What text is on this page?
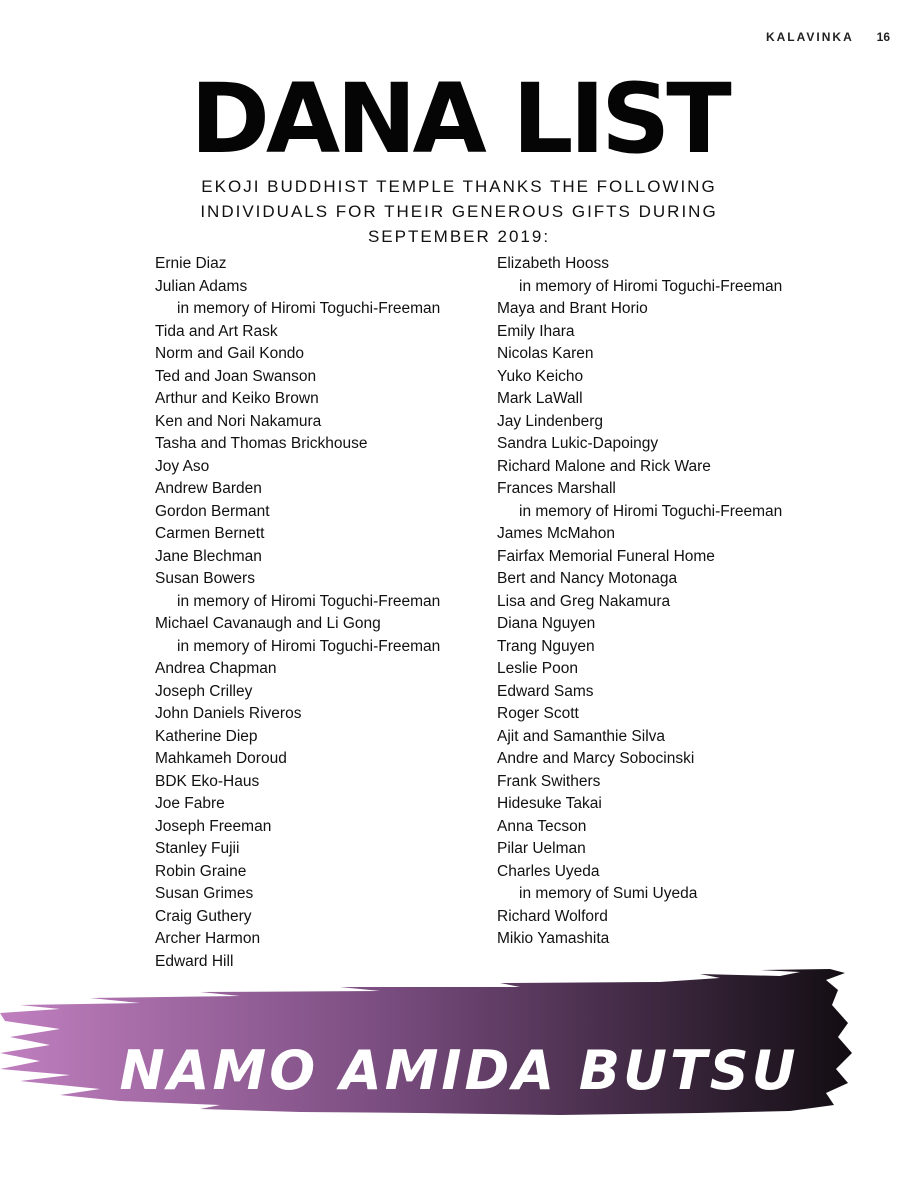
KALAVINKA 16
DANA LIST
EKOJI BUDDHIST TEMPLE THANKS THE FOLLOWING INDIVIDUALS FOR THEIR GENEROUS GIFTS DURING SEPTEMBER 2019:
Ernie Diaz
Julian Adams
in memory of Hiromi Toguchi-Freeman
Tida and Art Rask
Norm and Gail Kondo
Ted and Joan Swanson
Arthur and Keiko Brown
Ken and Nori Nakamura
Tasha and Thomas Brickhouse
Joy Aso
Andrew Barden
Gordon Bermant
Carmen Bernett
Jane Blechman
Susan Bowers
in memory of Hiromi Toguchi-Freeman
Michael Cavanaugh and Li Gong
in memory of Hiromi Toguchi-Freeman
Andrea Chapman
Joseph Crilley
John Daniels Riveros
Katherine Diep
Mahkameh Doroud
BDK Eko-Haus
Joe Fabre
Joseph Freeman
Stanley Fujii
Robin Graine
Susan Grimes
Craig Guthery
Archer Harmon
Edward Hill
Elizabeth Hooss
in memory of Hiromi Toguchi-Freeman
Maya and Brant Horio
Emily Ihara
Nicolas Karen
Yuko Keicho
Mark LaWall
Jay Lindenberg
Sandra Lukic-Dapoingy
Richard Malone and Rick Ware
Frances Marshall
in memory of Hiromi Toguchi-Freeman
James McMahon
Fairfax Memorial Funeral Home
Bert and Nancy Motonaga
Lisa and Greg Nakamura
Diana Nguyen
Trang Nguyen
Leslie Poon
Edward Sams
Roger Scott
Ajit and Samanthie Silva
Andre and Marcy Sobocinski
Frank Swithers
Hidesuke Takai
Anna Tecson
Pilar Uelman
Charles Uyeda
in memory of Sumi Uyeda
Richard Wolford
Mikio Yamashita
NAMO AMIDA BUTSU
